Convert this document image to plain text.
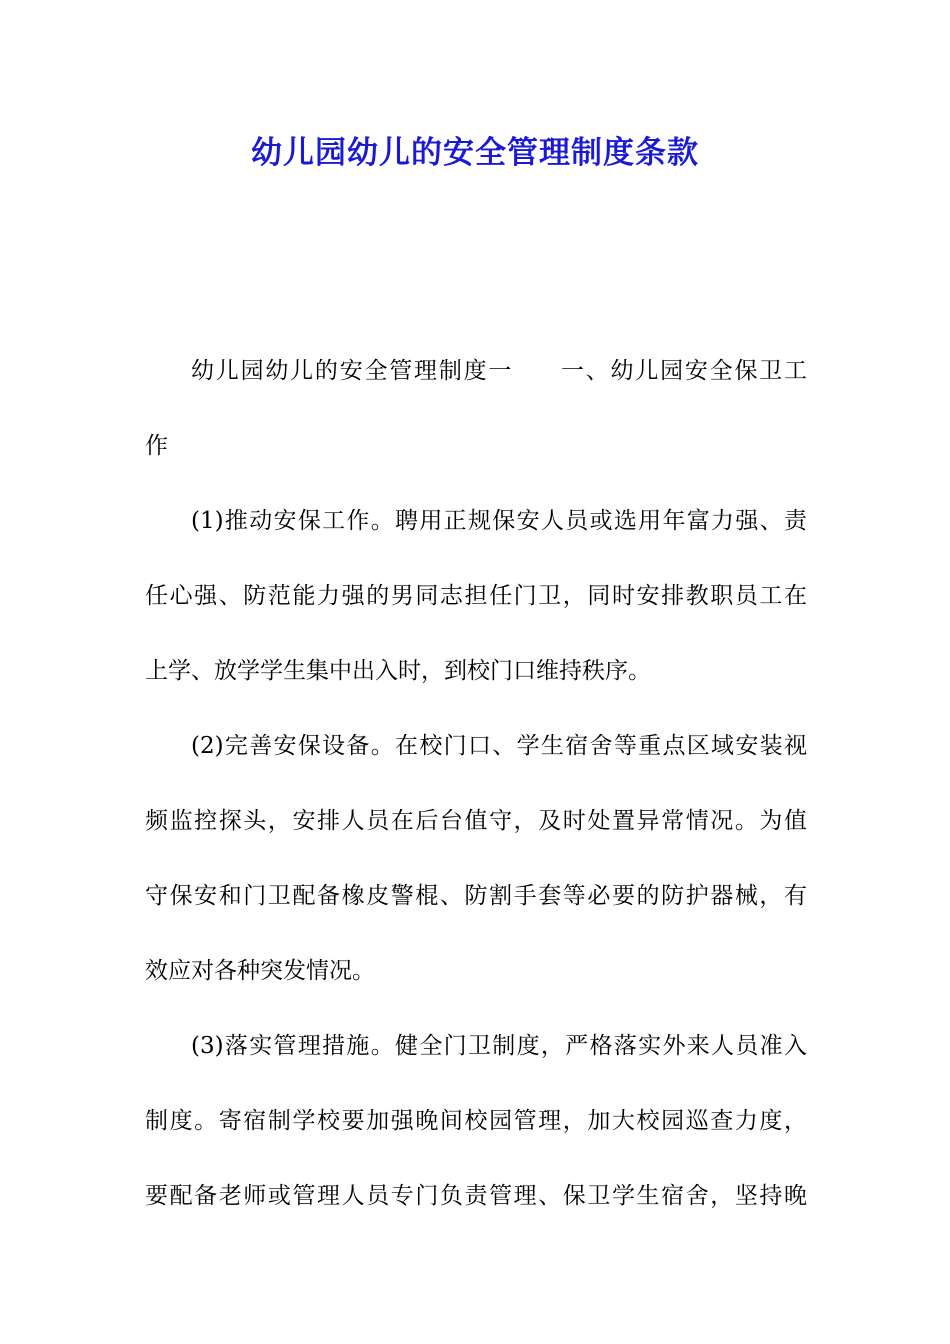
幼儿园幼儿的安全管理制度条款
幼儿园幼儿的安全管理制度一 一、幼儿园安全保卫工
作
(1)推动安保工作。聘用正规保安人员或选用年富力强、责
任心强、防范能力强的男同志担任门卫，同时安排教职员工在
上学、放学学生集中出入时，到校门口维持秩序。
(2)完善安保设备。在校门口、学生宿舍等重点区域安装视
频监控探头，安排人员在后台值守，及时处置异常情况。为值
守保安和门卫配备橡皮警棍、防割手套等必要的防护器械，有
效应对各种突发情况。
(3)落实管理措施。健全门卫制度，严格落实外来人员准入
制度。寄宿制学校要加强晚间校园管理，加大校园巡查力度，
要配备老师或管理人员专门负责管理、保卫学生宿舍，坚持晚
